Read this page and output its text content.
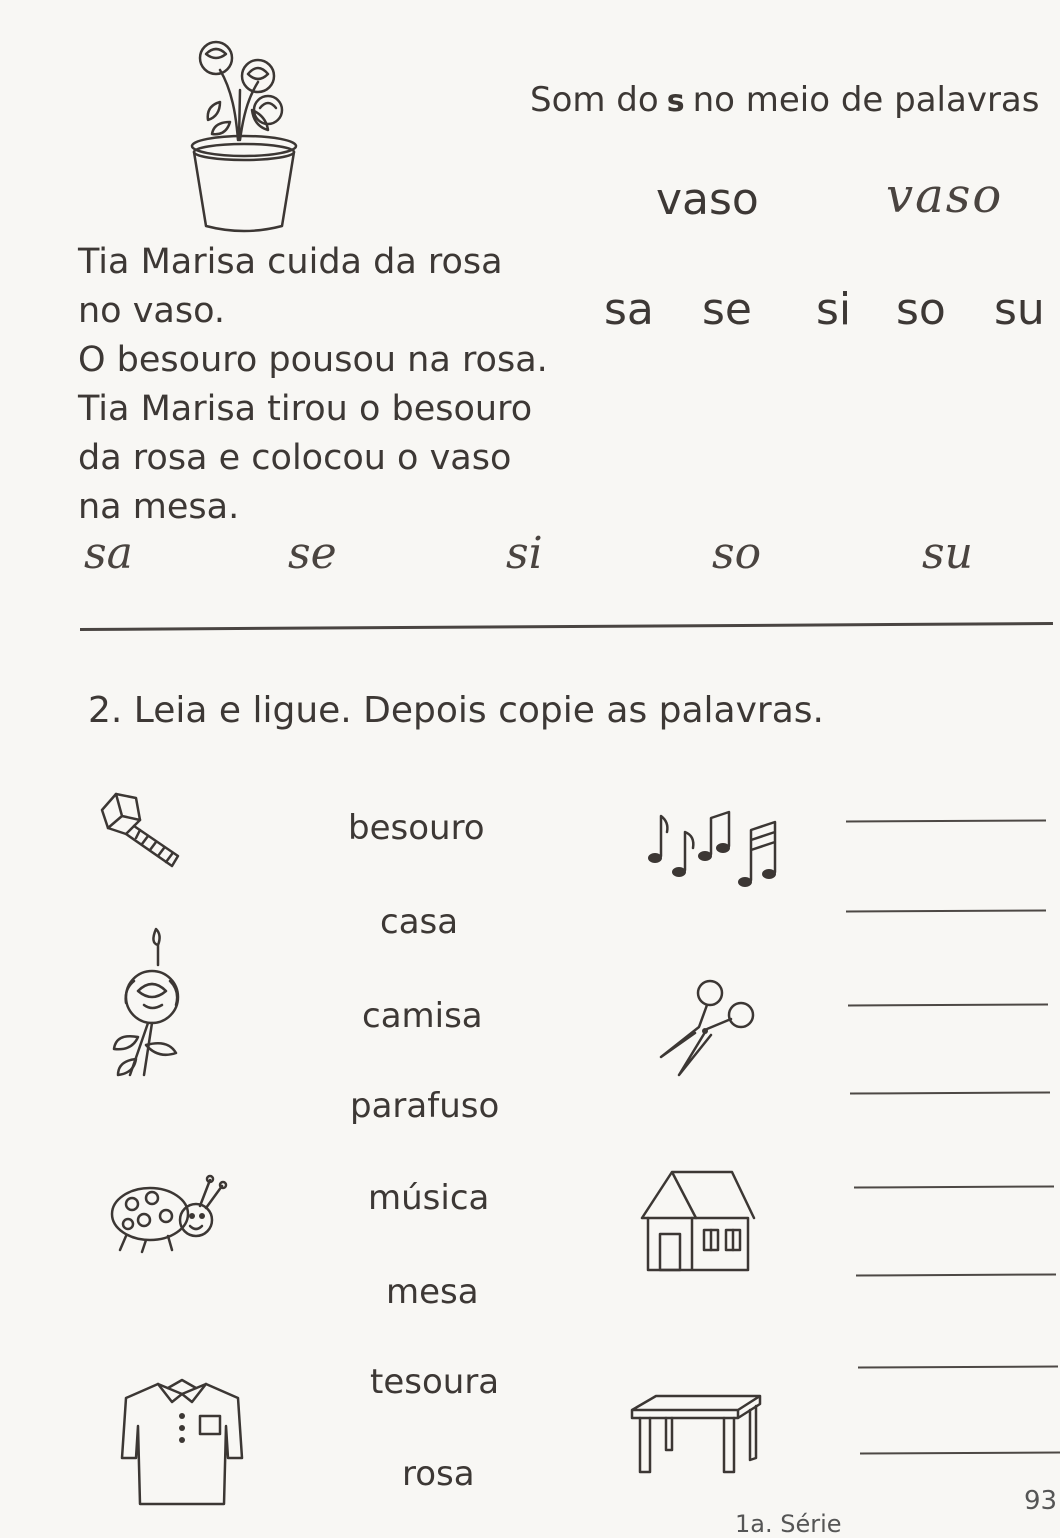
Som do s no meio de palavras
vaso	vaso
Tia Marisa cuida da rosa
no vaso.
O besouro pousou na rosa.
Tia Marisa tirou o besouro
da rosa e colocou o vaso
na mesa.
sa se si so su
sa	se	si	so	su
2. Leia e ligue. Depois copie as palavras.
besouro
casa
camisa
parafuso
música
mesa
tesoura
rosa
93
1a. Série
